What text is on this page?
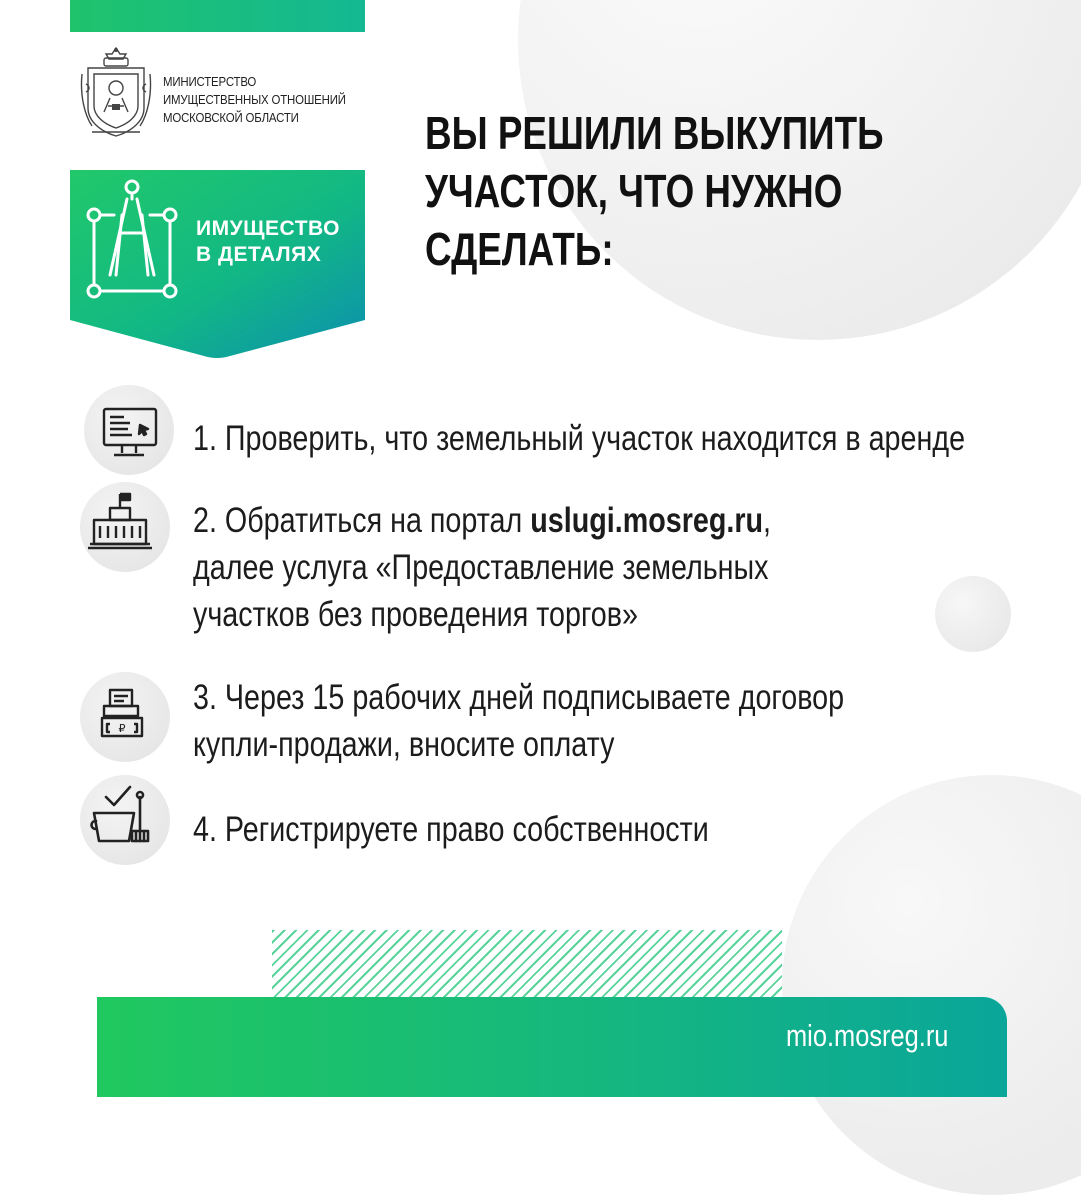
МИНИСТЕРСТВО
ИМУЩЕСТВЕННЫХ ОТНОШЕНИЙ
МОСКОВСКОЙ ОБЛАСТИ
ИМУЩЕСТВО
В ДЕТАЛЯХ
ВЫ РЕШИЛИ ВЫКУПИТЬ
УЧАСТОК, ЧТО НУЖНО
СДЕЛАТЬ:
1. Проверить, что земельный участок находится в аренде
2. Обратиться на портал uslugi.mosreg.ru,
далее услуга «Предоставление земельных
участков без проведения торгов»
₽
3. Через 15 рабочих дней подписываете договор
купли-продажи, вносите оплату
4. Регистрируете право собственности
mio.mosreg.ru
